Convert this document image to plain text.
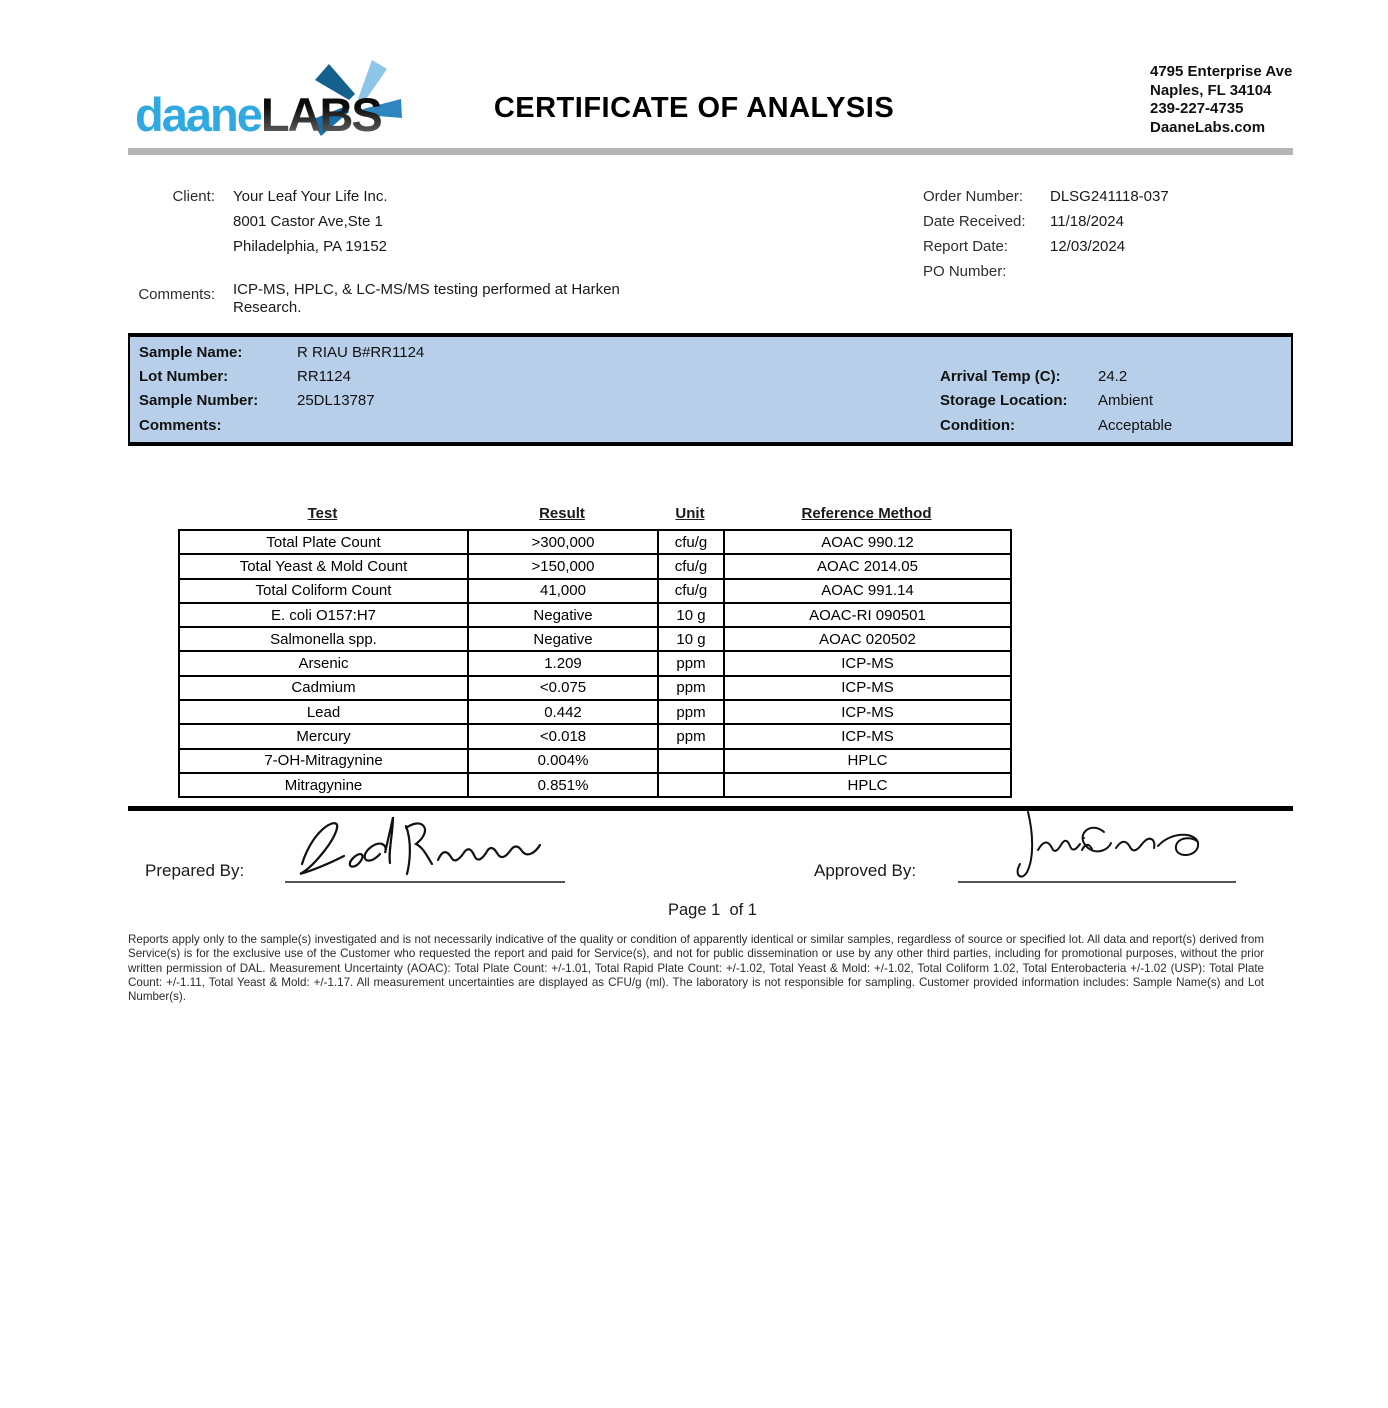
daaneLABS	CERTIFICATE OF ANALYSIS
4795 Enterprise Ave
Naples, FL 34104
239-227-4735
DaaneLabs.com
Client: Your Leaf Your Life Inc.
8001 Castor Ave,Ste 1
Philadelphia, PA 19152
Comments: ICP-MS, HPLC, & LC-MS/MS testing performed at Harken Research.
Order Number: DLSG241118-037
Date Received: 11/18/2024
Report Date:	12/03/2024
PO Number:
Sample Name:	R RIAU B#RR1124
Lot Number:	RR1124
Sample Number:	25DL13787
Comments:
Arrival Temp (C): 24.2
Storage Location: Ambient
Condition:	Acceptable
Test	Result	Unit	Reference Method
Total Plate Count	>300,000	cfu/g	AOAC 990.12
Total Yeast & Mold Count	>150,000	cfu/g	AOAC 2014.05
Total Coliform Count	41,000	cfu/g	AOAC 991.14
E. coli O157:H7	Negative	10 g	AOAC-RI 090501
Salmonella spp.	Negative	10 g	AOAC 020502
Arsenic	1.209	ppm	ICP-MS
Cadmium	<0.075	ppm	ICP-MS
Lead	0.442	ppm	ICP-MS
Mercury	<0.018	ppm	ICP-MS
7-OH-Mitragynine	0.004%		HPLC
Mitragynine	0.851%		HPLC
Prepared By:	Approved By:
Page 1  of 1
Reports apply only to the sample(s) investigated and is not necessarily indicative of the quality or condition of apparently identical or similar samples, regardless of source or specified lot. All data and report(s) derived from Service(s) is for the exclusive use of the Customer who requested the report and paid for Service(s), and not for public dissemination or use by any other third parties, including for promotional purposes, without the prior written permission of DAL. Measurement Uncertainty (AOAC): Total Plate Count: +/-1.01, Total Rapid Plate Count: +/-1.02, Total Yeast & Mold: +/-1.02, Total Coliform 1.02, Total Enterobacteria +/-1.02 (USP): Total Plate Count: +/-1.11, Total Yeast & Mold: +/-1.17. All measurement uncertainties are displayed as CFU/g (ml). The laboratory is not responsible for sampling. Customer provided information includes: Sample Name(s) and Lot Number(s).
